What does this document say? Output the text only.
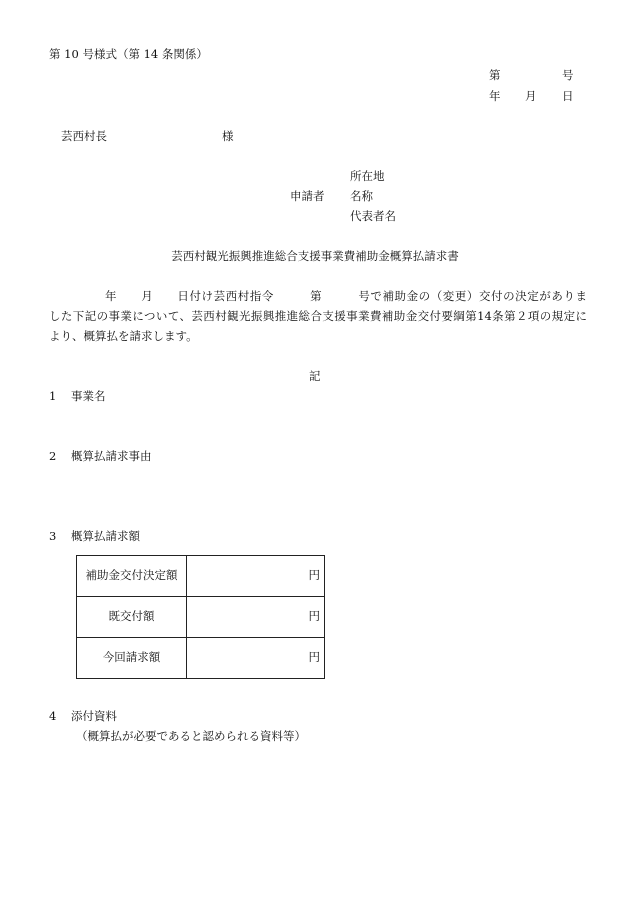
第 10 号様式（第 14 条関係）
第	号
年 月 日
芸西村長	様
所在地
申請者 名称
代表者名
芸西村観光振興推進総合支援事業費補助金概算払請求書
年　　月　　日付け芸西村指令　　　第　　　号で補助金の（変更）交付の決定がありま
した下記の事業について、芸西村観光振興推進総合支援事業費補助金交付要綱第14条第２項の規定に
より、概算払を請求します。
記
1 事業名
2 概算払請求事由
3 概算払請求額
補助金交付決定額	円
既交付額	円
今回請求額	円
4 添付資料
（概算払が必要であると認められる資料等）
